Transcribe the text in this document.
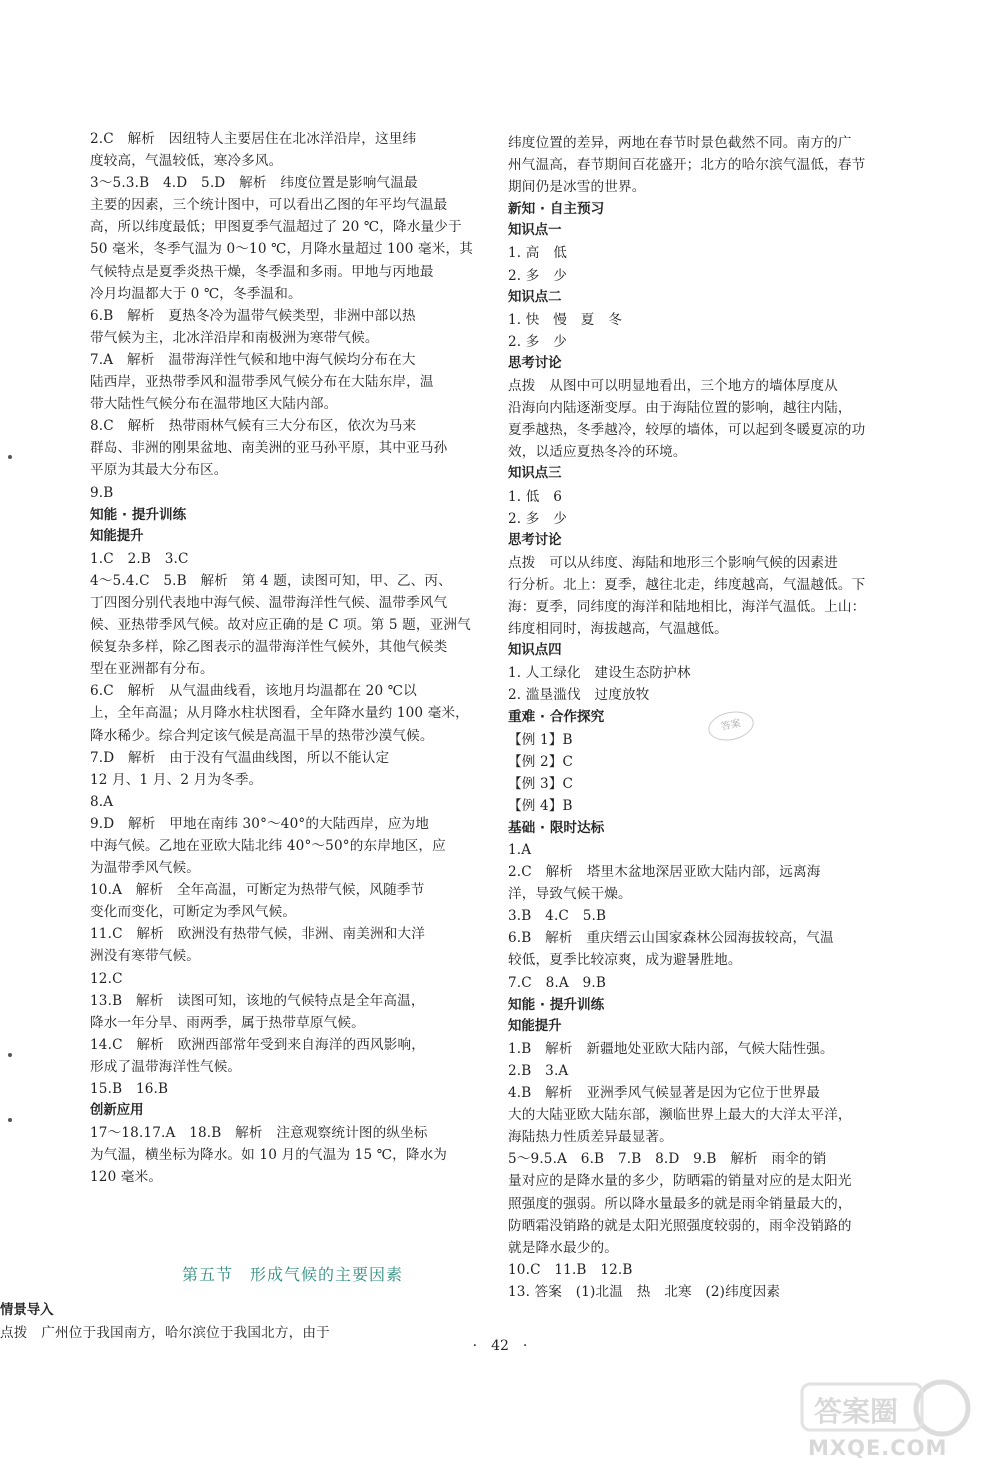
2.C　解析　因纽特人主要居住在北冰洋沿岸，这里纬
度较高，气温较低，寒冷多风。
3～5.3.B　4.D　5.D　解析　纬度位置是影响气温最
主要的因素，三个统计图中，可以看出乙图的年平均气温最
高，所以纬度最低；甲图夏季气温超过了 20 ℃，降水量少于
50 毫米，冬季气温为 0～10 ℃，月降水量超过 100 毫米，其
气候特点是夏季炎热干燥，冬季温和多雨。甲地与丙地最
冷月均温都大于 0 ℃，冬季温和。
6.B　解析　夏热冬冷为温带气候类型，非洲中部以热
带气候为主，北冰洋沿岸和南极洲为寒带气候。
7.A　解析　温带海洋性气候和地中海气候均分布在大
陆西岸，亚热带季风和温带季风气候分布在大陆东岸，温
带大陆性气候分布在温带地区大陆内部。
8.C　解析　热带雨林气候有三大分布区，依次为马来
群岛、非洲的刚果盆地、南美洲的亚马孙平原，其中亚马孙
平原为其最大分布区。
9.B
知能 · 提升训练
知能提升
1.C　2.B　3.C
4～5.4.C　5.B　解析　第 4 题，读图可知，甲、乙、丙、
丁四图分别代表地中海气候、温带海洋性气候、温带季风气
候、亚热带季风气候。故对应正确的是 C 项。第 5 题，亚洲气
候复杂多样，除乙图表示的温带海洋性气候外，其他气候类
型在亚洲都有分布。
6.C　解析　从气温曲线看，该地月均温都在 20 ℃以
上，全年高温；从月降水柱状图看，全年降水量约 100 毫米，
降水稀少。综合判定该气候是高温干旱的热带沙漠气候。
7.D　解析　由于没有气温曲线图，所以不能认定
12 月、1 月、2 月为冬季。
8.A
9.D　解析　甲地在南纬 30°～40°的大陆西岸，应为地
中海气候。乙地在亚欧大陆北纬 40°～50°的东岸地区，应
为温带季风气候。
10.A　解析　全年高温，可断定为热带气候，风随季节
变化而变化，可断定为季风气候。
11.C　解析　欧洲没有热带气候，非洲、南美洲和大洋
洲没有寒带气候。
12.C
13.B　解析　读图可知，该地的气候特点是全年高温，
降水一年分旱、雨两季，属于热带草原气候。
14.C　解析　欧洲西部常年受到来自海洋的西风影响，
形成了温带海洋性气候。
15.B　16.B
创新应用
17～18.17.A　18.B　解析　注意观察统计图的纵坐标
为气温，横坐标为降水。如 10 月的气温为 15 ℃，降水为
120 毫米。
第五节　形成气候的主要因素
情景导入
点拨　广州位于我国南方，哈尔滨位于我国北方，由于
纬度位置的差异，两地在春节时景色截然不同。南方的广
州气温高，春节期间百花盛开；北方的哈尔滨气温低，春节
期间仍是冰雪的世界。
新知 · 自主预习
知识点一
1. 高　低
2. 多　少
知识点二
1. 快　慢　夏　冬
2. 多　少
思考讨论
点拨　从图中可以明显地看出，三个地方的墙体厚度从
沿海向内陆逐渐变厚。由于海陆位置的影响，越往内陆，
夏季越热，冬季越冷，较厚的墙体，可以起到冬暖夏凉的功
效，以适应夏热冬冷的环境。
知识点三
1. 低　6
2. 多　少
思考讨论
点拨　可以从纬度、海陆和地形三个影响气候的因素进
行分析。北上：夏季，越往北走，纬度越高，气温越低。下
海：夏季，同纬度的海洋和陆地相比，海洋气温低。上山：
纬度相同时，海拔越高，气温越低。
知识点四
1. 人工绿化　建设生态防护林
2. 滥垦滥伐　过度放牧
重难 · 合作探究
【例 1】B
【例 2】C
【例 3】C
【例 4】B
基础 · 限时达标
1.A
2.C　解析　塔里木盆地深居亚欧大陆内部，远离海
洋，导致气候干燥。
3.B　4.C　5.B
6.B　解析　重庆缙云山国家森林公园海拔较高，气温
较低，夏季比较凉爽，成为避暑胜地。
7.C　8.A　9.B
知能 · 提升训练
知能提升
1.B　解析　新疆地处亚欧大陆内部，气候大陆性强。
2.B　3.A
4.B　解析　亚洲季风气候显著是因为它位于世界最
大的大陆亚欧大陆东部，濒临世界上最大的大洋太平洋，
海陆热力性质差异最显著。
5～9.5.A　6.B　7.B　8.D　9.B　解析　雨伞的销
量对应的是降水量的多少，防晒霜的销量对应的是太阳光
照强度的强弱。所以降水量最多的就是雨伞销量最大的，
防晒霜没销路的就是太阳光照强度较弱的，雨伞没销路的
就是降水最少的。
10.C　11.B　12.B
13. 答案　(1)北温　热　北寒　(2)纬度因素
答案
·　42　·
答案圈
MXQE.COM
